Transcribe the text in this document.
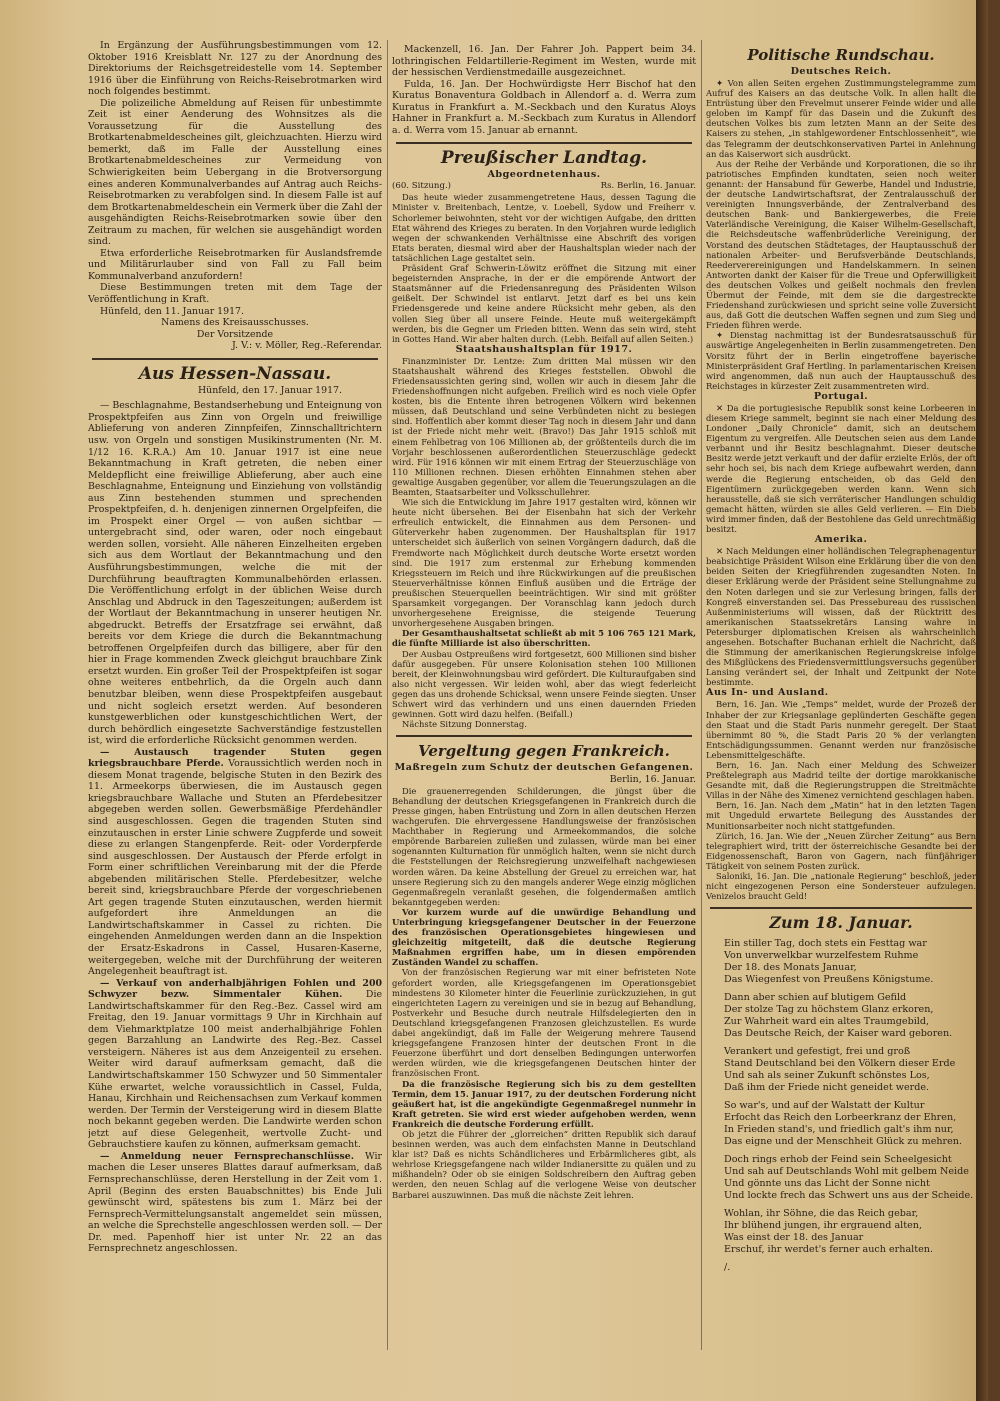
In Ergänzung der Ausführungsbestimmungen vom 12. Oktober 1916 Kreisblatt Nr. 127 zu der Anordnung des Direktoriums der Reichsgetreidestelle vom 14. September 1916 über die Einführung von Reichs-Reisebrotmarken wird noch folgendes bestimmt.

Die polizeiliche Abmeldung auf Reisen für unbestimmte Zeit ist einer Aenderung des Wohnsitzes als die Voraussetzung für die Ausstellung des Brotkartenabmeldescheines gilt, gleichzuachten. Hierzu wird bemerkt, daß im Falle der Ausstellung eines Brotkartenabmeldescheines zur Vermeidung von Schwierigkeiten beim Uebergang in die Brotversorgung eines anderen Kommunalverbandes auf Antrag auch Reichs-Reisebrotmarken zu verabfolgen sind. In diesem Falle ist auf dem Brotkartenabmeldeschein ein Vermerk über die Zahl der ausgehändigten Reichs-Reisebrotmarken sowie über den Zeitraum zu machen, für welchen sie ausgehändigt worden sind.

Etwa erforderliche Reisebrotmarken für Auslandsfremde und Militärurlauber sind von Fall zu Fall beim Kommunalverband anzufordern!

Diese Bestimmungen treten mit dem Tage der Veröffentlichung in Kraft.

Hünfeld, den 11. Januar 1917.

Namens des Kreisausschusses.

Der Vorsitzende

J. V.: v. Möller, Reg.-Referendar.

Aus Hessen-Nassau.

Hünfeld, den 17. Januar 1917.

— Beschlagnahme, Bestandserhebung und Enteignung von Prospektpfeifen aus Zinn von Orgeln und freiwillige Ablieferung von anderen Zinnpfeifen, Zinnschalltrichtern usw. von Orgeln und sonstigen Musikinstrumenten (Nr. M. 1/12 16. K.R.A.) Am 10. Januar 1917 ist eine neue Bekanntmachung in Kraft getreten, die neben einer Meldepflicht eine freiwillige Ablieferung, aber auch eine Beschlagnahme, Enteignung und Einziehung von vollständig aus Zinn bestehenden stummen und sprechenden Prospektpfeifen, d. h. denjenigen zinnernen Orgelpfeifen, die im Prospekt einer Orgel — von außen sichtbar — untergebracht sind, oder waren, oder noch eingebaut werden sollen, vorsieht. Alle näheren Einzelheiten ergeben sich aus dem Wortlaut der Bekanntmachung und den Ausführungsbestimmungen, welche die mit der Durchführung beauftragten Kommunalbehörden erlassen. Die Veröffentlichung erfolgt in der üblichen Weise durch Anschlag und Abdruck in den Tageszeitungen; außerdem ist der Wortlaut der Bekanntmachung in unserer heutigen Nr. abgedruckt. Betreffs der Ersatzfrage sei erwähnt, daß bereits vor dem Kriege die durch die Bekanntmachung betroffenen Orgelpfeifen durch das billigere, aber für den hier in Frage kommenden Zweck gleichgut brauchbare Zink ersetzt wurden. Ein großer Teil der Prospektpfeifen ist sogar ohne weiteres entbehrlich, da die Orgeln auch dann benutzbar bleiben, wenn diese Prospektpfeifen ausgebaut und nicht sogleich ersetzt werden. Auf besonderen kunstgewerblichen oder kunstgeschichtlichen Wert, der durch behördlich eingesetzte Sachverständige festzustellen ist, wird die erforderliche Rücksicht genommen werden.

— Austausch tragender Stuten gegen kriegsbrauchbare Pferde. Voraussichtlich werden noch in diesem Monat tragende, belgische Stuten in den Bezirk des 11. Armeekorps überwiesen, die im Austausch gegen kriegsbrauchbare Wallache und Stuten an Pferdebesitzer abgegeben werden sollen. Gewerbsmäßige Pferdehändler sind ausgeschlossen. Gegen die tragenden Stuten sind einzutauschen in erster Linie schwere Zugpferde und soweit diese zu erlangen Stangenpferde. Reit- oder Vorderpferde sind ausgeschlossen. Der Austausch der Pferde erfolgt in Form einer schriftlichen Vereinbarung mit der die Pferde abgebenden militärischen Stelle. Pferdebesitzer, welche bereit sind, kriegsbrauchbare Pferde der vorgeschriebenen Art gegen tragende Stuten einzutauschen, werden hiermit aufgefordert ihre Anmeldungen an die Landwirtschaftskammer in Cassel zu richten. Die eingehenden Anmeldungen werden dann an die Inspektion der Ersatz-Eskadrons in Cassel, Husaren-Kaserne, weitergegeben, welche mit der Durchführung der weiteren Angelegenheit beauftragt ist.

— Verkauf von anderhalbjährigen Fohlen und 200 Schwyzer bezw. Simmentaler Kühen. Die Landwirtschaftskammer für den Reg.-Bez. Cassel wird am Freitag, den 19. Januar vormittags 9 Uhr in Kirchhain auf dem Viehmarktplatze 100 meist anderhalbjährige Fohlen gegen Barzahlung an Landwirte des Reg.-Bez. Cassel versteigern. Näheres ist aus dem Anzeigenteil zu ersehen. Weiter wird darauf aufmerksam gemacht, daß die Landwirtschaftskammer 150 Schwyzer und 50 Simmentaler Kühe erwartet, welche voraussichtlich in Cassel, Fulda, Hanau, Kirchhain und Reichensachsen zum Verkauf kommen werden. Der Termin der Versteigerung wird in diesem Blatte noch bekannt gegeben werden. Die Landwirte werden schon jetzt auf diese Gelegenheit, wertvolle Zucht- und Gebrauchstiere kaufen zu können, aufmerksam gemacht.

— Anmeldung neuer Fernsprechanschlüsse. Wir machen die Leser unseres Blattes darauf aufmerksam, daß Fernsprechanschlüsse, deren Herstellung in der Zeit vom 1. April (Beginn des ersten Bauabschnittes) bis Ende Juli gewünscht wird, spätestens bis zum 1. März bei der Fernsprech-Vermittelungsanstalt angemeldet sein müssen, an welche die Sprechstelle angeschlossen werden soll. — Der Dr. med. Papenhoff hier ist unter Nr. 22 an das Fernsprechnetz angeschlossen.

Mackenzell, 16. Jan. Der Fahrer Joh. Pappert beim 34. lothringischen Feldartillerie-Regiment im Westen, wurde mit der hessischen Verdienstmedaille ausgezeichnet.

Fulda, 16. Jan. Der Hochwürdigste Herr Bischof hat den Kuratus Bonaventura Goldbach in Allendorf a. d. Werra zum Kuratus in Frankfurt a. M.-Seckbach und den Kuratus Aloys Hahner in Frankfurt a. M.-Seckbach zum Kuratus in Allendorf a. d. Werra vom 15. Januar ab ernannt.

Preußischer Landtag.
Abgeordnetenhaus.
(60. Sitzung.)	Rs. Berlin, 16. Januar.

Das heute wieder zusammengetretene Haus, dessen Tagung die Minister v. Breitenbach, Lentze, v. Loebell, Sydow und Freiherr v. Schorlemer beiwohnten, steht vor der wichtigen Aufgabe, den dritten Etat während des Krieges zu beraten. In den Vorjahren wurde lediglich wegen der schwankenden Verhältnisse eine Abschrift des vorigen Etats beraten, diesmal wird aber der Haushaltsplan wieder nach der tatsächlichen Lage gestaltet sein.

Präsident Graf Schwerin-Löwitz eröffnet die Sitzung mit einer begeisternden Ansprache, in der er die empörende Antwort der Staatsmänner auf die Friedensanregung des Präsidenten Wilson geißelt. Der Schwindel ist entlarvt. Jetzt darf es bei uns kein Friedensgerede und keine andere Rücksicht mehr geben, als den vollen Sieg über all unsere Feinde. Heute muß weitergekämpft werden, bis die Gegner um Frieden bitten. Wenn das sein wird, steht in Gottes Hand. Wir aber halten durch. (Lebh. Beifall auf allen Seiten.)

Staatshaushaltsplan für 1917.

Finanzminister Dr. Lentze: Zum dritten Mal müssen wir den Staatshaushalt während des Krieges feststellen. Obwohl die Friedensaussichten gering sind, wollen wir auch in diesem Jahr die Friedenshoffnungen nicht aufgeben. Freilich wird es noch viele Opfer kosten, bis die Entente ihren betrogenen Völkern wird bekennen müssen, daß Deutschland und seine Verbündeten nicht zu besiegen sind. Hoffentlich aber kommt dieser Tag noch in diesem Jahr und dann ist der Friede nicht mehr weit. (Bravo!) Das Jahr 1915 schloß mit einem Fehlbetrag von 106 Millionen ab, der größtenteils durch die im Vorjahr beschlossenen außerordentlichen Steuerzuschläge gedeckt wird. Für 1916 können wir mit einem Ertrag der Steuerzuschläge von 110 Millionen rechnen. Diesen erhöhten Einnahmen stehen aber gewaltige Ausgaben gegenüber, vor allem die Teuerungszulagen an die Beamten, Staatsarbeiter und Volksschullehrer.

Wie sich die Entwicklung im Jahre 1917 gestalten wird, können wir heute nicht übersehen. Bei der Eisenbahn hat sich der Verkehr erfreulich entwickelt, die Einnahmen aus dem Personen- und Güterverkehr haben zugenommen. Der Haushaltsplan für 1917 unterscheidet sich äußerlich von seinen Vorgängern dadurch, daß die Fremdworte nach Möglichkeit durch deutsche Worte ersetzt worden sind. Die 1917 zum erstenmal zur Erhebung kommenden Kriegssteuern im Reich und ihre Rückwirkungen auf die preußischen Steuerverhältnisse können Einfluß ausüben und die Erträge der preußischen Steuerquellen beeinträchtigen. Wir sind mit größter Sparsamkeit vorgegangen. Der Voranschlag kann jedoch durch unvorhergesehene Ereignisse, die steigende Teuerung unvorhergesehene Ausgaben bringen.

Der Gesamthaushaltsetat schließt ab mit 5 106 765 121 Mark, die fünfte Milliarde ist also überschritten.

Der Ausbau Ostpreußens wird fortgesetzt, 600 Millionen sind bisher dafür ausgegeben. Für unsere Kolonisation stehen 100 Millionen bereit, der Kleinwohnungsbau wird gefördert. Die Kulturaufgaben sind also nicht vergessen. Wir leiden wohl, aber das wiegt federleicht gegen das uns drohende Schicksal, wenn unsere Feinde siegten. Unser Schwert wird das verhindern und uns einen dauernden Frieden gewinnen. Gott wird dazu helfen. (Beifall.)

Nächste Sitzung Donnerstag.

Vergeltung gegen Frankreich.
Maßregeln zum Schutz der deutschen Gefangenen.

Berlin, 16. Januar.

Die grauenerregenden Schilderungen, die jüngst über die Behandlung der deutschen Kriegsgefangenen in Frankreich durch die Presse gingen, haben Entrüstung und Zorn in allen deutschen Herzen wachgerufen. Die ehrvergessene Handlungsweise der französischen Machthaber in Regierung und Armeekommandos, die solche empörende Barbareien zuließen und zulassen, würde man bei einer sogenannten Kulturnation für unmöglich halten, wenn sie nicht durch die Feststellungen der Reichsregierung unzweifelhaft nachgewiesen worden wären. Da keine Abstellung der Greuel zu erreichen war, hat unsere Regierung sich zu den mangels anderer Wege einzig möglichen Gegenmaßregeln veranlaßt gesehen, die folgendermaßen amtlich bekanntgegeben werden:

Vor kurzem wurde auf die unwürdige Behandlung und Unterbringung kriegsgefangener Deutscher in der Feuerzone des französischen Operationsgebietes hingewiesen und gleichzeitig mitgeteilt, daß die deutsche Regierung Maßnahmen ergriffen habe, um in diesen empörenden Zuständen Wandel zu schaffen.

Von der französischen Regierung war mit einer befristeten Note gefordert worden, alle Kriegsgefangenen im Operationsgebiet mindestens 30 Kilometer hinter die Feuerlinie zurückzuziehen, in gut eingerichteten Lagern zu vereinigen und sie in bezug auf Behandlung, Postverkehr und Besuche durch neutrale Hilfsdelegierten den in Deutschland kriegsgefangenen Franzosen gleichzustellen. Es wurde dabei angekündigt, daß im Falle der Weigerung mehrere Tausend kriegsgefangene Franzosen hinter der deutschen Front in die Feuerzone überführt und dort denselben Bedingungen unterworfen werden würden, wie die kriegsgefangenen Deutschen hinter der französischen Front.

Da die französische Regierung sich bis zu dem gestellten Termin, dem 15. Januar 1917, zu der deutschen Forderung nicht geäußert hat, ist die angekündigte Gegenmaßregel nunmehr in Kraft getreten. Sie wird erst wieder aufgehoben werden, wenn Frankreich die deutsche Forderung erfüllt.

Ob jetzt die Führer der „glorreichen“ dritten Republik sich darauf besinnen werden, was auch dem einfachsten Manne in Deutschland klar ist? Daß es nichts Schändlicheres und Erbärmlicheres gibt, als wehrlose Kriegsgefangene nach wilder Indianersitte zu quälen und zu mißhandeln? Oder ob sie einigen Soldschreibern den Auftrag geben werden, den neuen Schlag auf die verlogene Weise von deutscher Barbarei auszuwinnen. Das muß die nächste Zeit lehren.

Politische Rundschau.
Deutsches Reich.

✦ Von allen Seiten ergehen Zustimmungstelegramme zum Aufruf des Kaisers an das deutsche Volk. In allen hallt die Entrüstung über den Frevelmut unserer Feinde wider und alle geloben im Kampf für das Dasein und die Zukunft des deutschen Volkes bis zum letzten Mann an der Seite des Kaisers zu stehen, „in stahlgewordener Entschlossenheit“, wie das Telegramm der deutschkonservativen Partei in Anlehnung an das Kaiserwort sich ausdrückt.

Aus der Reihe der Verbände und Korporationen, die so ihr patriotisches Empfinden kundtaten, seien noch weiter genannt: der Hansabund für Gewerbe, Handel und Industrie, der deutsche Landwirtschaftsrat, der Zentralausschuß der vereinigten Innungsverbände, der Zentralverband des deutschen Bank- und Bankiergewerbes, die Freie Vaterländische Vereinigung, die Kaiser Wilhelm-Gesellschaft, die Reichsdeutsche waffenbrüderliche Vereinigung, der Vorstand des deutschen Städtetages, der Hauptausschuß der nationalen Arbeiter- und Berufsverbände Deutschlands, Reederverereinigungen und Handelskammern. In seinen Antworten dankt der Kaiser für die Treue und Opferwilligkeit des deutschen Volkes und geißelt nochmals den frevlen Übermut der Feinde, mit dem sie die dargestreckte Friedenshand zurückwiesen und spricht seine volle Zuversicht aus, daß Gott die deutschen Waffen segnen und zum Sieg und Frieden führen werde.

✦ Dienstag nachmittag ist der Bundesratsausschuß für auswärtige Angelegenheiten in Berlin zusammengetreten. Den Vorsitz führt der in Berlin eingetroffene bayerische Ministerpräsident Graf Hertling. In parlamentarischen Kreisen wird angenommen, daß nun auch der Hauptausschuß des Reichstages in kürzester Zeit zusammentreten wird.

Portugal.

✕ Da die portugiesische Republik sonst keine Lorbeeren in diesem Kriege sammelt, beginnt sie nach einer Meldung des Londoner „Daily Chronicle“ damit, sich an deutschem Eigentum zu vergreifen. Alle Deutschen seien aus dem Lande verbannt und ihr Besitz beschlagnahmt. Dieser deutsche Besitz werde jetzt verkauft und der dafür erzielte Erlös, der oft sehr hoch sei, bis nach dem Kriege aufbewahrt werden, dann werde die Regierung entscheiden, ob das Geld den Eigentümern zurückgegeben werden kann. Wenn sich herausstelle, daß sie sich verräterischer Handlungen schuldig gemacht hätten, würden sie alles Geld verlieren. — Ein Dieb wird immer finden, daß der Bestohlene das Geld unrechtmäßig besitzt.

Amerika.

✕ Nach Meldungen einer holländischen Telegraphenagentur beabsichtige Präsident Wilson eine Erklärung über die von den beiden Seiten der Kriegführenden zugesandten Noten. In dieser Erklärung werde der Präsident seine Stellungnahme zu den Noten darlegen und sie zur Verlesung bringen, falls der Kongreß einverstanden sei. Das Pressebureau des russischen Außenministeriums will wissen, daß der Rücktritt des amerikanischen Staatssekretärs Lansing wahre in Petersburger diplomatischen Kreisen als wahrscheinlich angesehen. Botschafter Buchanan erhielt die Nachricht, daß die Stimmung der amerikanischen Regierungskreise infolge des Mißglückens des Friedensvermittlungsversuchs gegenüber Lansing verändert sei, der Inhalt und Zeitpunkt der Note bestimmte.

Aus In- und Ausland.

Bern, 16. Jan. Wie „Temps“ meldet, wurde der Prozeß der Inhaber der zur Kriegsanlage geplünderten Geschäfte gegen den Staat und die Stadt Paris nunmehr geregelt. Der Staat übernimmt 80 %, die Stadt Paris 20 % der verlangten Entschädigungssummen. Genannt werden nur französische Lebensmittelgeschäfte.

Bern, 16. Jan. Nach einer Meldung des Schweizer Preßtelegraph aus Madrid teilte der dortige marokkanische Gesandte mit, daß die Regierungstruppen die Streitmächte Villas in der Nähe des Ximenez vernichtend geschlagen haben.

Bern, 16. Jan. Nach dem „Matin“ hat in den letzten Tagen mit Ungeduld erwartete Beilegung des Ausstandes der Munitionsarbeiter noch nicht stattgefunden.

Zürich, 16. Jan. Wie der „Neuen Zürcher Zeitung“ aus Bern telegraphiert wird, tritt der österreichische Gesandte bei der Eidgenossenschaft, Baron von Gagern, nach fünfjähriger Tätigkeit von seinem Posten zurück.

Saloniki, 16. Jan. Die „nationale Regierung“ beschloß, jeder nicht eingezogenen Person eine Sondersteuer aufzulegen. Venizelos braucht Geld!

Zum 18. Januar.

Ein stiller Tag, doch stets ein Festtag war

Von unverwelkbar wurzelfestem Ruhme

Der 18. des Monats Januar,

Das Wiegenfest von Preußens Königstume.

Dann aber schien auf blutigem Gefild

Der stolze Tag zu höchstem Glanz erkoren,

Zur Wahrheit ward ein altes Traumgebild,

Das Deutsche Reich, der Kaiser ward geboren.

Verankert und gefestigt, frei und groß

Stand Deutschland bei den Völkern dieser Erde

Und sah als seiner Zukunft schönstes Los,

Daß ihm der Friede nicht geneidet werde.

So war's, und auf der Walstatt der Kultur

Erfocht das Reich den Lorbeerkranz der Ehren,

In Frieden stand's, und friedlich galt's ihm nur,

Das eigne und der Menschheit Glück zu mehren.

Doch rings erhob der Feind sein Scheelgesicht

Und sah auf Deutschlands Wohl mit gelbem Neide

Und gönnte uns das Licht der Sonne nicht

Und lockte frech das Schwert uns aus der Scheide.

Wohlan, ihr Söhne, die das Reich gebar,

Ihr blühend jungen, ihr ergrauend alten,

Was einst der 18. des Januar

Erschuf, ihr werdet's ferner auch erhalten.

/.
